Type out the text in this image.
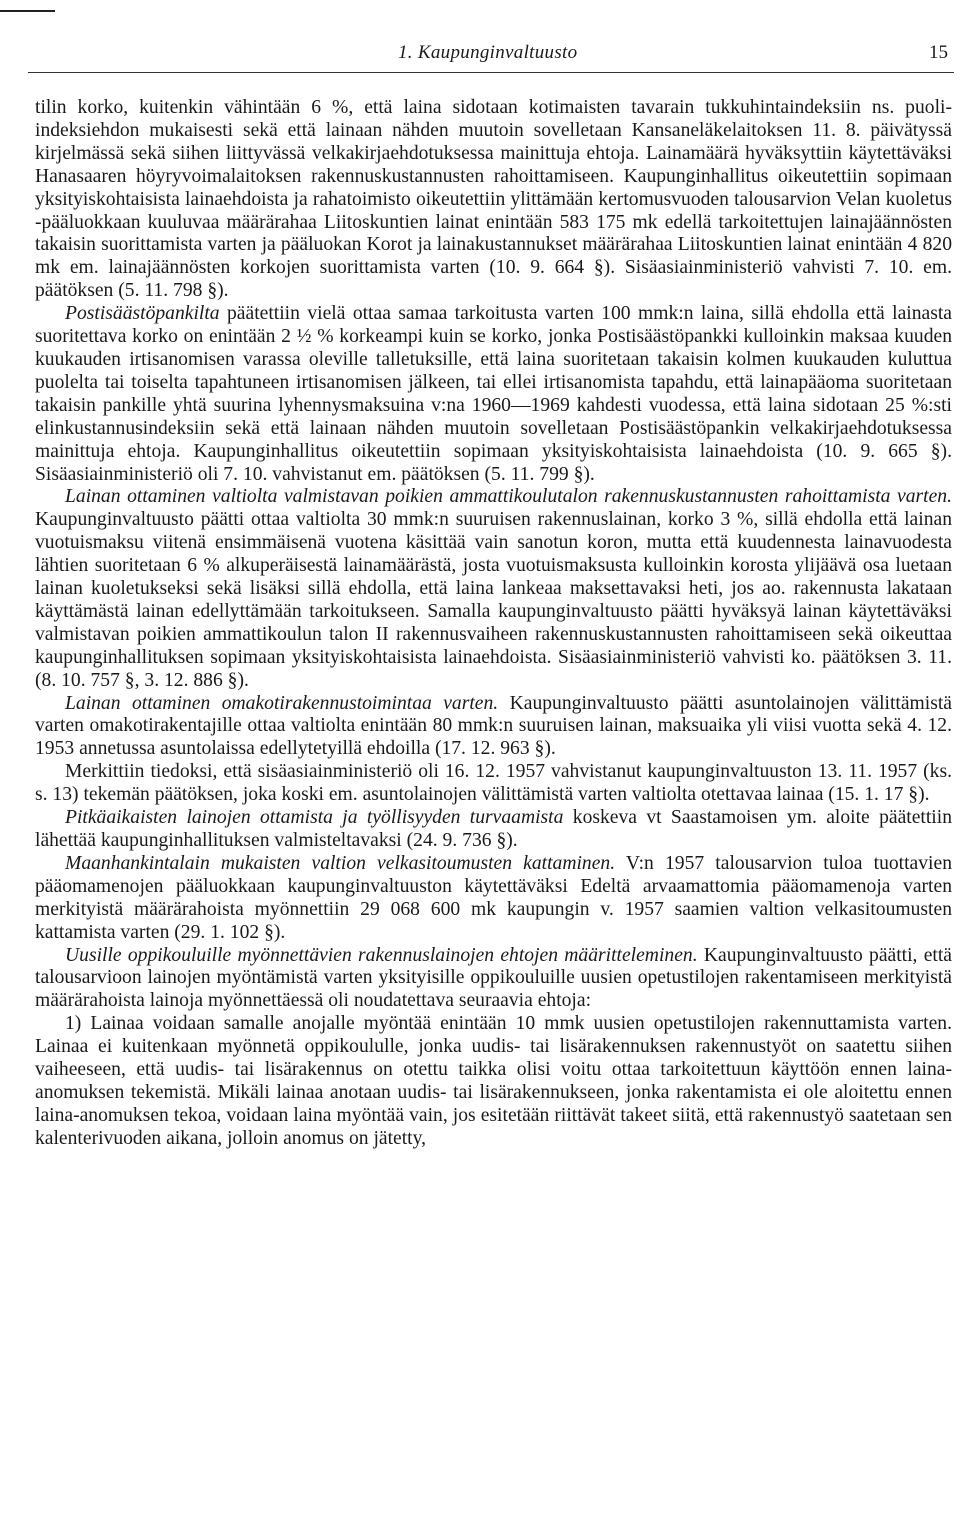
1. Kaupunginvaltuusto	15

tilin korko, kuitenkin vähintään 6 %, että laina sidotaan kotimaisten tavarain tukkuhintaindeksiin ns. puoli-indeksiehdon mukaisesti sekä että lainaan nähden muutoin sovelletaan Kansaneläkelaitoksen 11. 8. päivätyssä kirjelmässä sekä siihen liittyvässä velkakirjaehdotuksessa mainittuja ehtoja. Lainamäärä hyväksyttiin käytettäväksi Hanasaaren höyryvoimalaitoksen rakennuskustannusten rahoittamiseen. Kaupunginhallitus oikeutettiin sopimaan yksityiskohtaisista lainaehdoista ja rahatoimisto oikeutettiin ylittämään kertomusvuoden talousarvion Velan kuoletus -pääluokkaan kuuluvaa määrärahaa Liitoskuntien lainat enintään 583 175 mk edellä tarkoitettujen lainajäännösten takaisin suorittamista varten ja pääluokan Korot ja lainakustannukset määrärahaa Liitoskuntien lainat enintään 4 820 mk em. lainajäännösten korkojen suorittamista varten (10. 9. 664 §). Sisäasiainministeriö vahvisti 7. 10. em. päätöksen (5. 11. 798 §).

Postisäästöpankilta päätettiin vielä ottaa samaa tarkoitusta varten 100 mmk:n laina, sillä ehdolla että lainasta suoritettava korko on enintään 2 ½ % korkeampi kuin se korko, jonka Postisäästöpankki kulloinkin maksaa kuuden kuukauden irtisanomisen varassa oleville talletuksille, että laina suoritetaan takaisin kolmen kuukauden kuluttua puolelta tai toiselta tapahtuneen irtisanomisen jälkeen, tai ellei irtisanomista tapahdu, että lainapääoma suoritetaan takaisin pankille yhtä suurina lyhennysmaksuina v:na 1960—1969 kahdesti vuodessa, että laina sidotaan 25 %:sti elinkustannusindeksiin sekä että lainaan nähden muutoin sovelletaan Postisäästöpankin velkakirjaehdotuksessa mainittuja ehtoja. Kaupunginhallitus oikeutettiin sopimaan yksityiskohtaisista lainaehdoista (10. 9. 665 §). Sisäasiainministeriö oli 7. 10. vahvistanut em. päätöksen (5. 11. 799 §).

Lainan ottaminen valtiolta valmistavan poikien ammattikoulutalon rakennuskustannusten rahoittamista varten. Kaupunginvaltuusto päätti ottaa valtiolta 30 mmk:n suuruisen rakennuslainan, korko 3 %, sillä ehdolla että lainan vuotuismaksu viitenä ensimmäisenä vuotena käsittää vain sanotun koron, mutta että kuudennesta lainavuodesta lähtien suoritetaan 6 % alkuperäisestä lainamäärästä, josta vuotuismaksusta kulloinkin korosta ylijäävä osa luetaan lainan kuoletukseksi sekä lisäksi sillä ehdolla, että laina lankeaa maksettavaksi heti, jos ao. rakennusta lakataan käyttämästä lainan edellyttämään tarkoitukseen. Samalla kaupunginvaltuusto päätti hyväksyä lainan käytettäväksi valmistavan poikien ammattikoulun talon II rakennusvaiheen rakennuskustannusten rahoittamiseen sekä oikeuttaa kaupunginhallituksen sopimaan yksityiskohtaisista lainaehdoista. Sisäasiainministeriö vahvisti ko. päätöksen 3. 11. (8. 10. 757 §, 3. 12. 886 §).

Lainan ottaminen omakotirakennustoimintaa varten. Kaupunginvaltuusto päätti asuntolainojen välittämistä varten omakotirakentajille ottaa valtiolta enintään 80 mmk:n suuruisen lainan, maksuaika yli viisi vuotta sekä 4. 12. 1953 annetussa asuntolaissa edellytetyillä ehdoilla (17. 12. 963 §).

Merkittiin tiedoksi, että sisäasiainministeriö oli 16. 12. 1957 vahvistanut kaupunginvaltuuston 13. 11. 1957 (ks. s. 13) tekemän päätöksen, joka koski em. asuntolainojen välittämistä varten valtiolta otettavaa lainaa (15. 1. 17 §).

Pitkäaikaisten lainojen ottamista ja työllisyyden turvaamista koskeva vt Saastamoisen ym. aloite päätettiin lähettää kaupunginhallituksen valmisteltavaksi (24. 9. 736 §).

Maanhankintalain mukaisten valtion velkasitoumusten kattaminen. V:n 1957 talousarvion tuloa tuottavien pääomamenojen pääluokkaan kaupunginvaltuuston käytettäväksi Edeltä arvaamattomia pääomamenoja varten merkityistä määrärahoista myönnettiin 29 068 600 mk kaupungin v. 1957 saamien valtion velkasitoumusten kattamista varten (29. 1. 102 §).

Uusille oppikouluille myönnettävien rakennuslainojen ehtojen määritteleminen. Kaupunginvaltuusto päätti, että talousarvioon lainojen myöntämistä varten yksityisille oppikouluille uusien opetustilojen rakentamiseen merkityistä määrärahoista lainoja myönnettäessä oli noudatettava seuraavia ehtoja:

1) Lainaa voidaan samalle anojalle myöntää enintään 10 mmk uusien opetustilojen rakennuttamista varten. Lainaa ei kuitenkaan myönnetä oppikoululle, jonka uudis- tai lisärakennuksen rakennustyöt on saatettu siihen vaiheeseen, että uudis- tai lisärakennus on otettu taikka olisi voitu ottaa tarkoitettuun käyttöön ennen laina-anomuksen tekemistä. Mikäli lainaa anotaan uudis- tai lisärakennukseen, jonka rakentamista ei ole aloitettu ennen laina-anomuksen tekoa, voidaan laina myöntää vain, jos esitetään riittävät takeet siitä, että rakennustyö saatetaan sen kalenterivuoden aikana, jolloin anomus on jätetty,
